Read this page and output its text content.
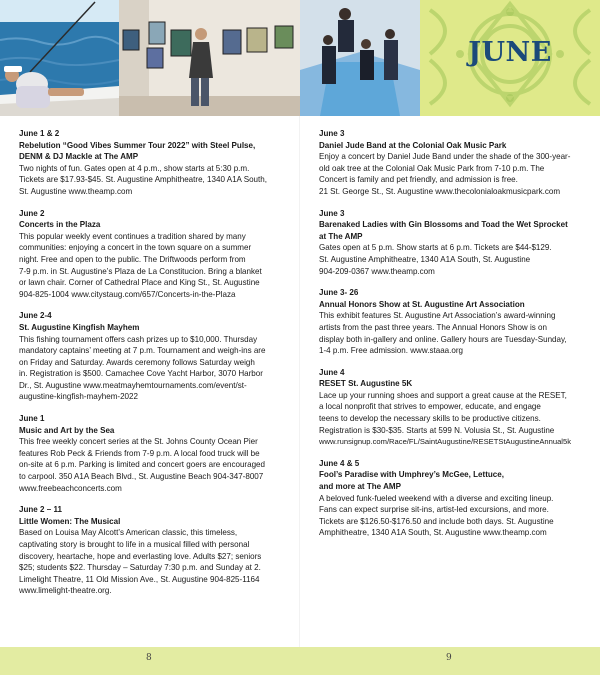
JUNE
June 1 & 2
Rebelution “Good Vibes Summer Tour 2022” with Steel Pulse,
DENM & DJ Mackle at The AMP
Two nights of fun. Gates open at 4 p.m., show starts at 5:30 p.m.
Tickets are $17.93-$45. St. Augustine Amphitheatre, 1340 A1A South,
St. Augustine www.theamp.com
June 2
Concerts in the Plaza
This popular weekly event continues a tradition shared by many
communities: enjoying a concert in the town square on a summer
night. Free and open to the public. The Driftwoods perform from
7-9 p.m. in St. Augustine’s Plaza de La Constitucion. Bring a blanket
or lawn chair. Corner of Cathedral Place and King St., St. Augustine
904-825-1004 www.citystaug.com/657/Concerts-in-the-Plaza
June 2-4
St. Augustine Kingfish Mayhem
This fishing tournament offers cash prizes up to $10,000. Thursday
mandatory captains’ meeting at 7 p.m. Tournament and weigh-ins are
on Friday and Saturday. Awards ceremony follows Saturday weigh
in. Registration is $500. Camachee Cove Yacht Harbor, 3070 Harbor
Dr., St. Augustine www.meatmayhemtournaments.com/event/st-
augustine-kingfish-mayhem-2022
June 1
Music and Art by the Sea
This free weekly concert series at the St. Johns County Ocean Pier
features Rob Peck & Friends from 7-9 p.m. A local food truck will be
on-site at 6 p.m. Parking is limited and concert goers are encouraged
to carpool. 350 A1A Beach Blvd., St. Augustine Beach 904-347-8007
www.freebeachconcerts.com
June 2 – 11
Little Women: The Musical
Based on Louisa May Alcott’s American classic, this timeless,
captivating story is brought to life in a musical filled with personal
discovery, heartache, hope and everlasting love. Adults $27; seniors
$25; students $22. Thursday – Saturday 7:30 p.m. and Sunday at 2.
Limelight Theatre, 11 Old Mission Ave., St. Augustine 904-825-1164
www.limelight-theatre.org.
June 3
Daniel Jude Band at the Colonial Oak Music Park
Enjoy a concert by Daniel Jude Band under the shade of the 300-year-
old oak tree at the Colonial Oak Music Park from 7-10 p.m. The
Concert is family and pet friendly, and admission is free.
21 St. George St., St. Augustine www.thecolonialoakmusicpark.com
June 3
Barenaked Ladies with Gin Blossoms and Toad the Wet Sprocket
at The AMP
Gates open at 5 p.m. Show starts at 6 p.m. Tickets are $44-$129.
St. Augustine Amphitheatre, 1340 A1A South, St. Augustine
904-209-0367 www.theamp.com
June 3- 26
Annual Honors Show at St. Augustine Art Association
This exhibit features St. Augustine Art Association’s award-winning
artists from the past three years. The Annual Honors Show is on
display both in-gallery and online. Gallery hours are Tuesday-Sunday,
1-4 p.m. Free admission. www.staaa.org
June 4
RESET St. Augustine 5K
Lace up your running shoes and support a great cause at the RESET,
a local nonprofit that strives to empower, educate, and engage
teens to develop the necessary skills to be productive citizens.
Registration is $30-$35. Starts at 599 N. Volusia St., St. Augustine
www.runsignup.com/Race/FL/SaintAugustine/RESETStAugustineAnnual5k
June 4 & 5
Fool’s Paradise with Umphrey’s McGee, Lettuce,
and more at The AMP
A beloved funk-fueled weekend with a diverse and exciting lineup.
Fans can expect surprise sit-ins, artist-led excursions, and more.
Tickets are $126.50-$176.50 and include both days. St. Augustine
Amphitheatre, 1340 A1A South, St. Augustine www.theamp.com
8	9
